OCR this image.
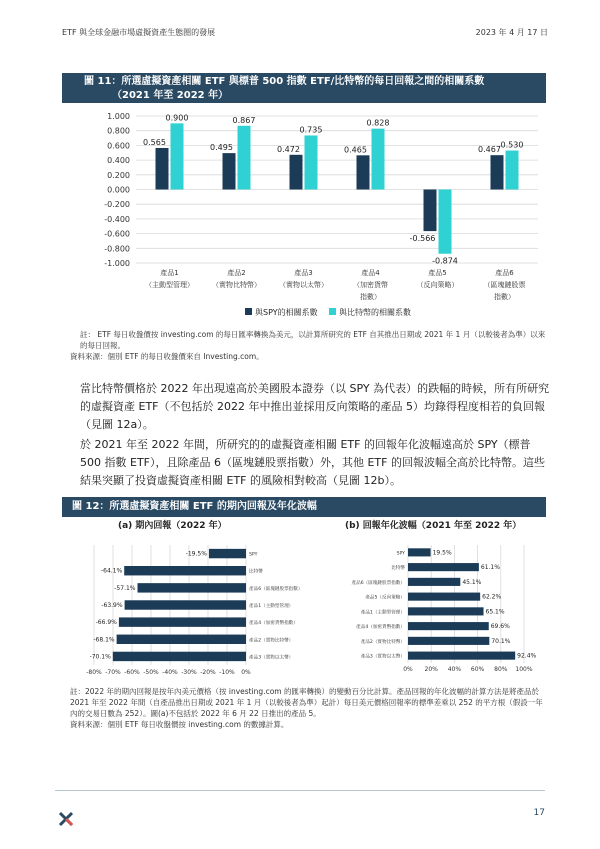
ETF 與全球金融市場虛擬資產生態圈的發展	2023 年 4 月 17 日
圖 11：所選虛擬資產相關 ETF 與標普 500 指數 ETF/比特幣的每日回報之間的相關系數
（2021 年至 2022 年）
1.000
0.800
0.600
0.400
0.200
0.000
-0.200
-0.400
-0.600
-0.800
-1.000
0.565
0.900
產品1
（主動型管理）
0.495
0.867
產品2
（實物比特幣）
0.472
0.735
產品3
（實物以太幣）
0.465
0.828
產品4
（加密貨幣
指數）
-0.566
-0.874
產品5
（反向策略）
0.467
0.530
產品6
（區塊鏈股票
指數）
與SPY的相關系數	與比特幣的相關系數
註： ETF 每日收盤價按 investing.com 的每日匯率轉換為美元，以計算所研究的 ETF 自其推出日期或 2021 年 1 月（以較後者為準）以來的每日回報。
資料來源：個別 ETF 的每日收盤價來自 Investing.com。

當比特幣價格於 2022 年出現遠高於美國股本證券（以 SPY 為代表）的跌幅的時候，所有所研究的虛擬資產 ETF（不包括於 2022 年中推出並採用反向策略的產品 5）均錄得程度相若的負回報（見圖 12a）。

於 2021 年至 2022 年間，所研究的的虛擬資產相關 ETF 的回報年化波幅遠高於 SPY（標普 500 指數 ETF），且除產品 6（區塊鏈股票指數）外，其他 ETF 的回報波幅全高於比特幣。這些結果突顯了投資虛擬資產相關 ETF 的風險相對較高（見圖 12b）。

圖 12：所選虛擬資產相關 ETF 的期內回報及年化波幅
(a) 期內回報（2022 年）	(b) 回報年化波幅（2021 年至 2022 年）
-80% -70% -60% -50% -40% -30% -20% -10% 0%
-19.5%	SPY
-64.1%	比特幣
-57.1%	產品6（區塊鏈股票指數）
-63.9%	產品1（主動型管理）
-66.9%	產品4（加密貨幣指數）
-68.1%	產品2（實物比特幣）
-70.1%	產品3（實物以太幣）
0% 20% 40% 60% 80% 100%
19.5%
SPY
61.1%
比特幣
45.1%
產品6（區塊鏈股票指數）
62.2%
產品5（反向策略）
65.1%
產品1（主動型管理）
69.6%
產品4（加密貨幣指數）
70.1%
產品2（實物比特幣）
92.4%
產品3（實物以太幣）
註：2022 年的期內回報是按年內美元價格（按 investing.com 的匯率轉換）的變動百分比計算。產品回報的年化波幅的計算方法是將產品於 2021 年至 2022 年間（自產品推出日期或 2021 年 1 月（以較後者為準）起計）每日美元價格回報率的標準差乘以 252 的平方根（假設一年內的交易日數為 252）。圖(a)不包括於 2022 年 6 月 22 日推出的產品 5。
資料來源：個別 ETF 每日收盤價按 investing.com 的數據計算。
17
